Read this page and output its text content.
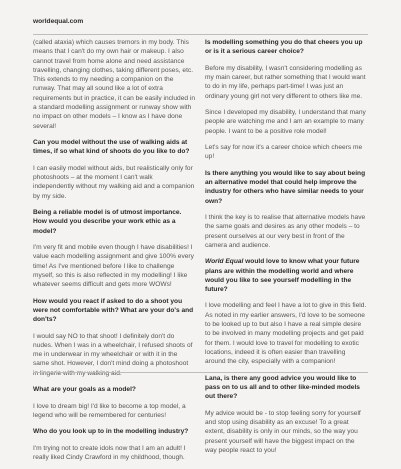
worldequal.com

(called ataxia) which causes tremors in my body. This means that I can't do my own hair or makeup. I also cannot travel from home alone and need assistance travelling, changing clothes, taking different poses, etc. This extends to my needing a companion on the runway. That may all sound like a lot of extra requirements but in practice, it can be easily included in a standard modelling assignment or runway show with no impact on other models – I know as I have done several!

Can you model without the use of walking aids at times, if so what kind of shoots do you like to do?

I can easily model without aids, but realistically only for photoshoots – at the moment I can't walk independently without my walking aid and a companion by my side.

Being a reliable model is of utmost importance. How would you describe your work ethic as a model?

I'm very fit and mobile even though I have disabilities! I value each modelling assignment and give 100% every time! As I've mentioned before I like to challenge myself, so this is also reflected in my modelling! I like whatever seems difficult and gets more WOWs!

How would you react if asked to do a shoot you were not comfortable with? What are your do's and don'ts?

I would say NO to that shoot! I definitely don't do nudes. When I was in a wheelchair, I refused shoots of me in underwear in my wheelchair or with it in the same shot. However, I don't mind doing a photoshoot in lingerie with my walking aid.

What are your goals as a model?

I love to dream big! I'd like to become a top model, a legend who will be remembered for centuries!

Who do you look up to in the modelling industry?

I'm trying not to create idols now that I am an adult! I really liked Cindy Crawford in my childhood, though.

Is modelling something you do that cheers you up or is it a serious career choice?

Before my disability, I wasn't considering modelling as my main career, but rather something that I would want to do in my life, perhaps part-time! I was just an ordinary young girl not very different to others like me.

Since I developed my disability, I understand that many people are watching me and I am an example to many people. I want to be a positive role model!

Let's say for now it's a career choice which cheers me up!

Is there anything you would like to say about being an alternative model that could help improve the industry for others who have similar needs to your own?

I think the key is to realise that alternative models have the same goals and desires as any other models – to present ourselves at our very best in front of the camera and audience.

World Equal would love to know what your future plans are within the modelling world and where would you like to see yourself modelling in the future?

I love modelling and feel I have a lot to give in this field. As noted in my earlier answers, I'd love to be someone to be looked up to but also I have a real simple desire to be involved in many modelling projects and get paid for them. I would love to travel for modelling to exotic locations, indeed it is often easier than travelling around the city, especially with a companion!

Lana, is there any good advice you would like to pass on to us all and to other like-minded models out there?

My advice would be - to stop feeling sorry for yourself and stop using disability as an excuse! To a great extent, disability is only in our minds, so the way you present yourself will have the biggest impact on the way people react to you!
